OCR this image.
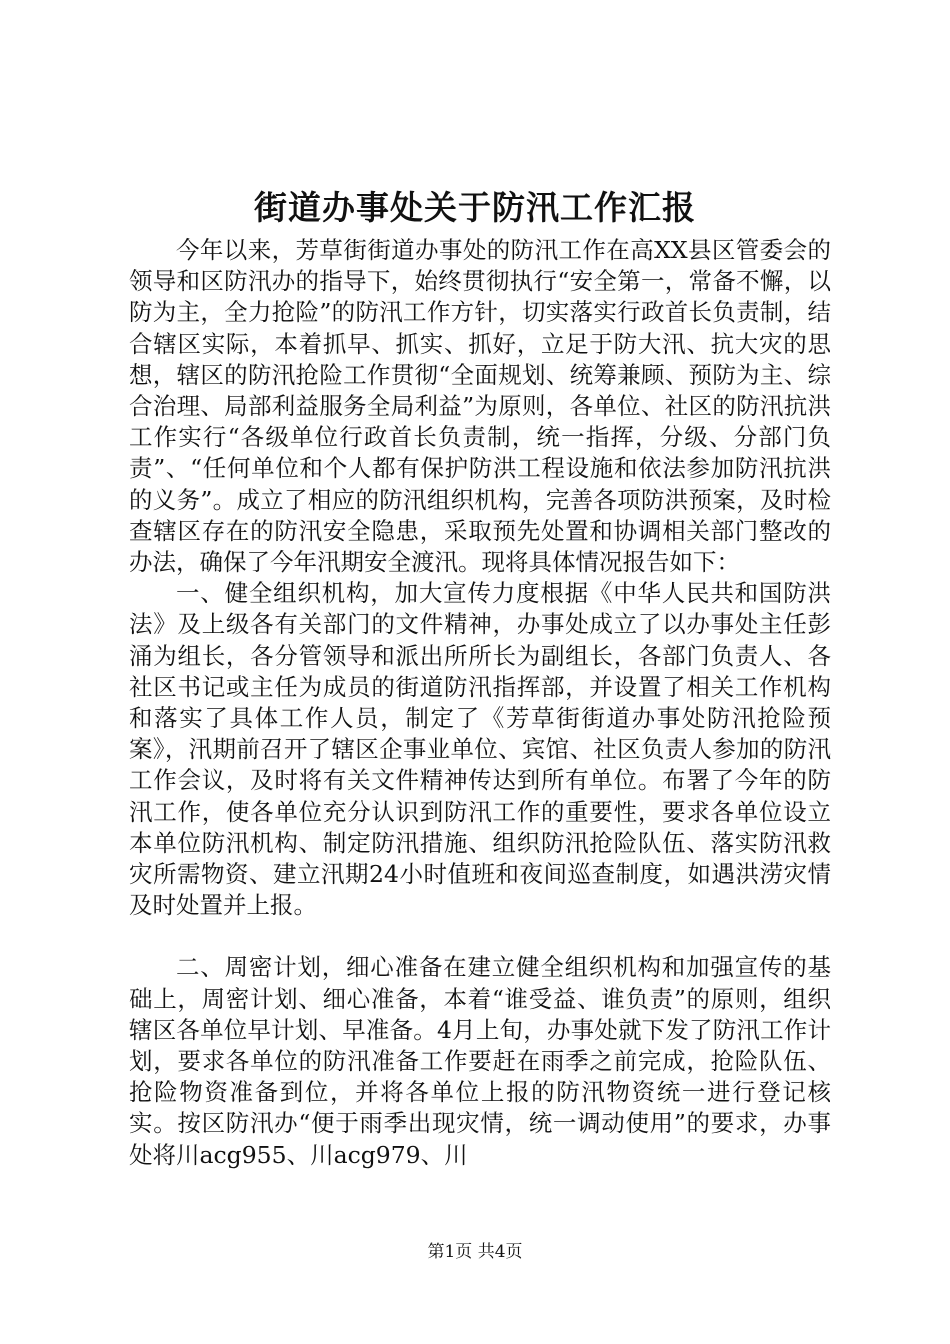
街道办事处关于防汛工作汇报

今年以来，芳草街街道办事处的防汛工作在高XX县区管委会的领导和区防汛办的指导下，始终贯彻执行“安全第一，常备不懈，以防为主，全力抢险”的防汛工作方针，切实落实行政首长负责制，结合辖区实际，本着抓早、抓实、抓好，立足于防大汛、抗大灾的思想，辖区的防汛抢险工作贯彻“全面规划、统筹兼顾、预防为主、综合治理、局部利益服务全局利益”为原则，各单位、社区的防汛抗洪工作实行“各级单位行政首长负责制，统一指挥，分级、分部门负责”、“任何单位和个人都有保护防洪工程设施和依法参加防汛抗洪的义务”。成立了相应的防汛组织机构，完善各项防洪预案，及时检查辖区存在的防汛安全隐患，采取预先处置和协调相关部门整改的办法，确保了今年汛期安全渡汛。现将具体情况报告如下：

一、健全组织机构，加大宣传力度根据《中华人民共和国防洪法》及上级各有关部门的文件精神，办事处成立了以办事处主任彭涌为组长，各分管领导和派出所所长为副组长，各部门负责人、各社区书记或主任为成员的街道防汛指挥部，并设置了相关工作机构和落实了具体工作人员，制定了《芳草街街道办事处防汛抢险预案》，汛期前召开了辖区企事业单位、宾馆、社区负责人参加的防汛工作会议，及时将有关文件精神传达到所有单位。布署了今年的防汛工作，使各单位充分认识到防汛工作的重要性，要求各单位设立本单位防汛机构、制定防汛措施、组织防汛抢险队伍、落实防汛救灾所需物资、建立汛期24小时值班和夜间巡查制度，如遇洪涝灾情及时处置并上报。

二、周密计划，细心准备在建立健全组织机构和加强宣传的基础上，周密计划、细心准备，本着“谁受益、谁负责”的原则，组织辖区各单位早计划、早准备。4月上旬，办事处就下发了防汛工作计划，要求各单位的防汛准备工作要赶在雨季之前完成，抢险队伍、抢险物资准备到位，并将各单位上报的防汛物资统一进行登记核实。按区防汛办“便于雨季出现灾情，统一调动使用”的要求，办事处将川acg955、川acg979、川

第1页 共4页
